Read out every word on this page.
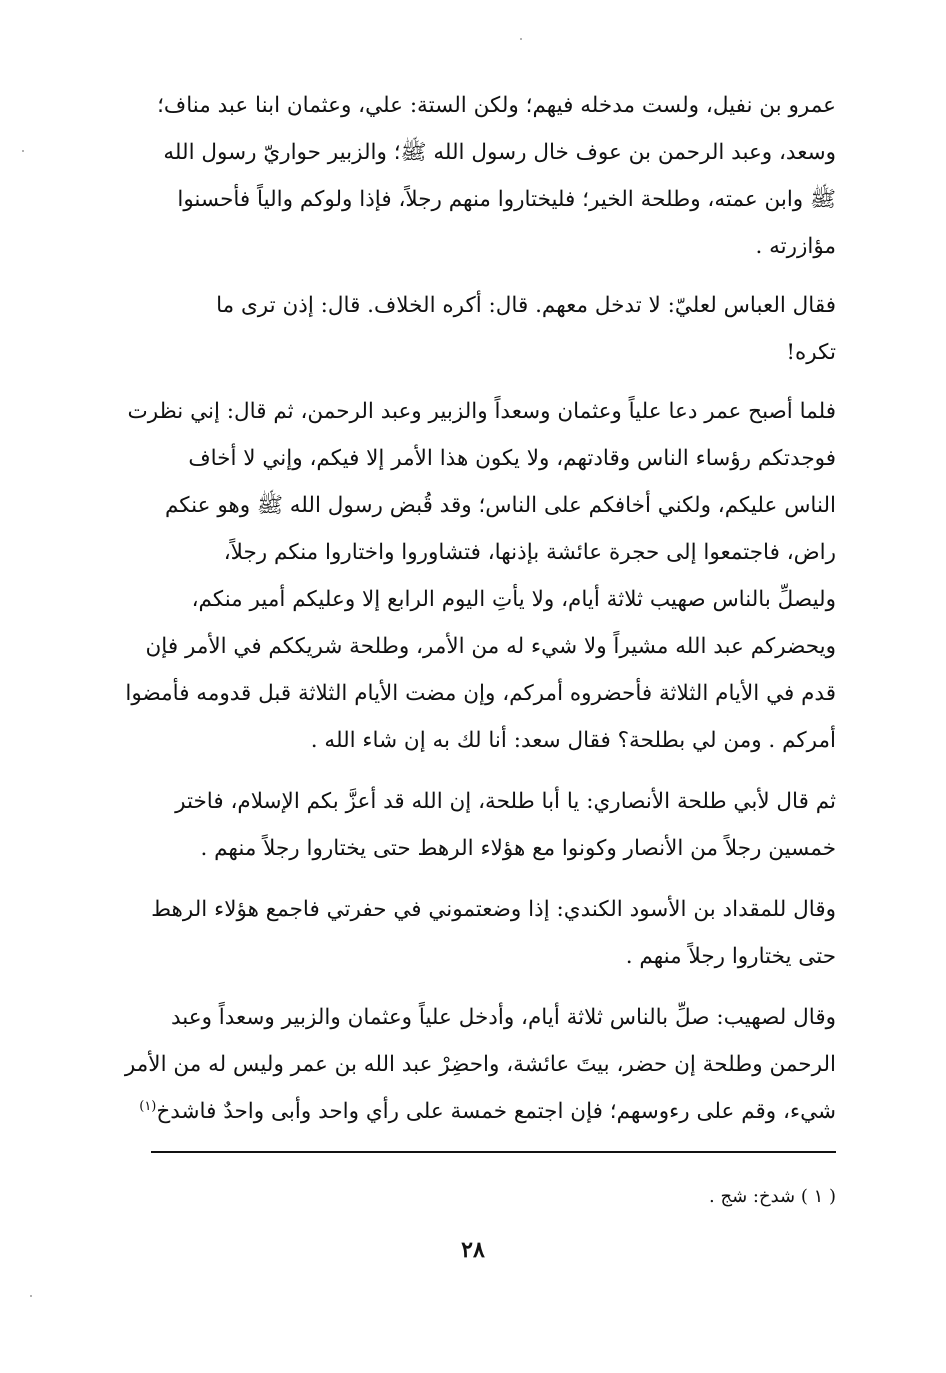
عمرو بن نفيل، ولست مدخله فيهم؛ ولكن الستة: علي، وعثمان ابنا عبد مناف؛
وسعد، وعبد الرحمن بن عوف خال رسول الله ﷺ؛ والزبير حواريّ رسول الله
ﷺ وابن عمته، وطلحة الخير؛ فليختاروا منهم رجلاً، فإذا ولوكم والياً فأحسنوا
مؤازرته .

فقال العباس لعليّ: لا تدخل معهم. قال: أكره الخلاف. قال: إذن ترى ما
تكره!

فلما أصبح عمر دعا علياً وعثمان وسعداً والزبير وعبد الرحمن، ثم قال: إني نظرت
فوجدتكم رؤساء الناس وقادتهم، ولا يكون هذا الأمر إلا فيكم، وإني لا أخاف
الناس عليكم، ولكني أخافكم على الناس؛ وقد قُبض رسول الله ﷺ وهو عنكم
راض، فاجتمعوا إلى حجرة عائشة بإذنها، فتشاوروا واختاروا منكم رجلاً،
وليصلِّ بالناس صهيب ثلاثة أيام، ولا يأتِ اليوم الرابع إلا وعليكم أمير منكم،
ويحضركم عبد الله مشيراً ولا شيء له من الأمر، وطلحة شريككم في الأمر فإن
قدم في الأيام الثلاثة فأحضروه أمركم، وإن مضت الأيام الثلاثة قبل قدومه فأمضوا
أمركم . ومن لي بطلحة؟ فقال سعد: أنا لك به إن شاء الله .

ثم قال لأبي طلحة الأنصاري: يا أبا طلحة، إن الله قد أعزَّ بكم الإسلام، فاختر
خمسين رجلاً من الأنصار وكونوا مع هؤلاء الرهط حتى يختاروا رجلاً منهم .

وقال للمقداد بن الأسود الكندي: إذا وضعتموني في حفرتي فاجمع هؤلاء الرهط
حتى يختاروا رجلاً منهم .

وقال لصهيب: صلِّ بالناس ثلاثة أيام، وأدخل علياً وعثمان والزبير وسعداً وعبد
الرحمن وطلحة إن حضر، بيتَ عائشة، واحضِرْ عبد الله بن عمر وليس له من الأمر
شيء، وقم على رءوسهم؛ فإن اجتمع خمسة على رأي واحد وأبى واحدٌ فاشدخ$^{(١)}$

( ١ ) شدخ: شج .
٢٨
